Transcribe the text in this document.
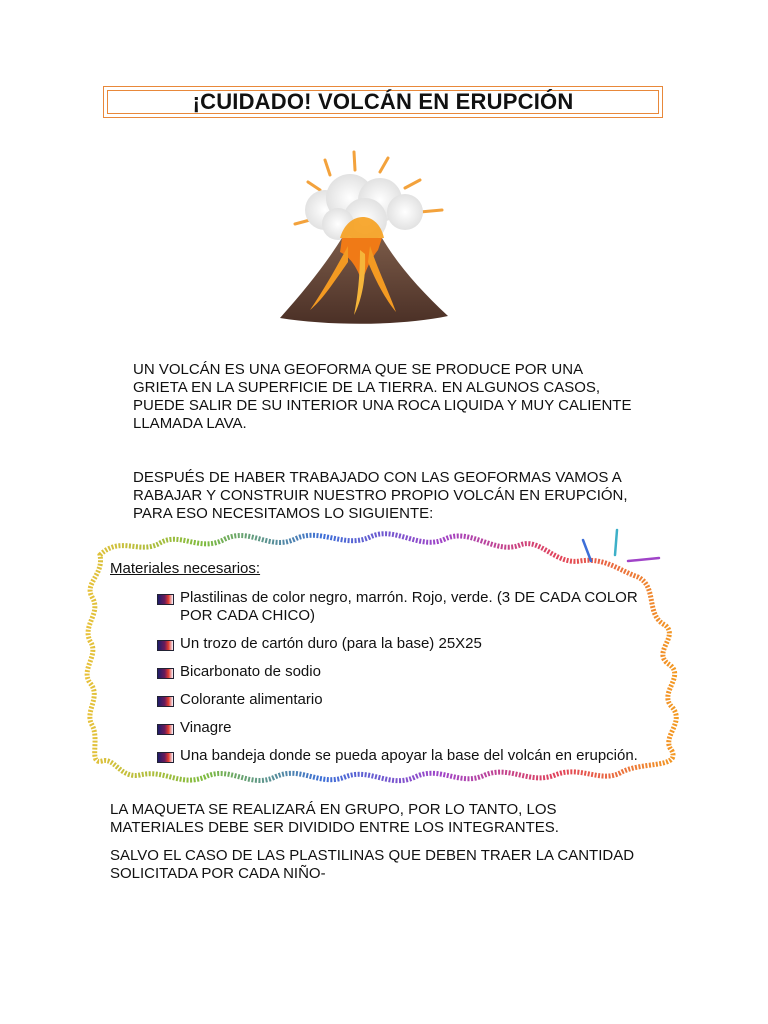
¡CUIDADO! VOLCÁN EN ERUPCIÓN
UN VOLCÁN ES UNA GEOFORMA QUE SE PRODUCE POR UNA
GRIETA EN LA SUPERFICIE DE LA TIERRA. EN ALGUNOS CASOS,
PUEDE SALIR DE SU INTERIOR UNA ROCA LIQUIDA Y MUY CALIENTE
LLAMADA LAVA.
DESPUÉS DE HABER TRABAJADO CON LAS GEOFORMAS VAMOS A
RABAJAR Y CONSTRUIR NUESTRO PROPIO VOLCÁN EN ERUPCIÓN,
PARA ESO NECESITAMOS LO SIGUIENTE:
Materiales necesarios:
Plastilinas de color negro, marrón. Rojo, verde. (3 DE CADA COLOR POR CADA CHICO)
Un trozo de cartón duro (para la base) 25X25
Bicarbonato de sodio
Colorante alimentario
Vinagre
Una bandeja donde se pueda apoyar la base del volcán en erupción.
LA MAQUETA SE REALIZARÁ EN GRUPO, POR LO TANTO, LOS
MATERIALES DEBE SER DIVIDIDO ENTRE LOS INTEGRANTES.
SALVO EL CASO DE LAS PLASTILINAS QUE DEBEN TRAER LA CANTIDAD
SOLICITADA POR CADA NIÑO-
